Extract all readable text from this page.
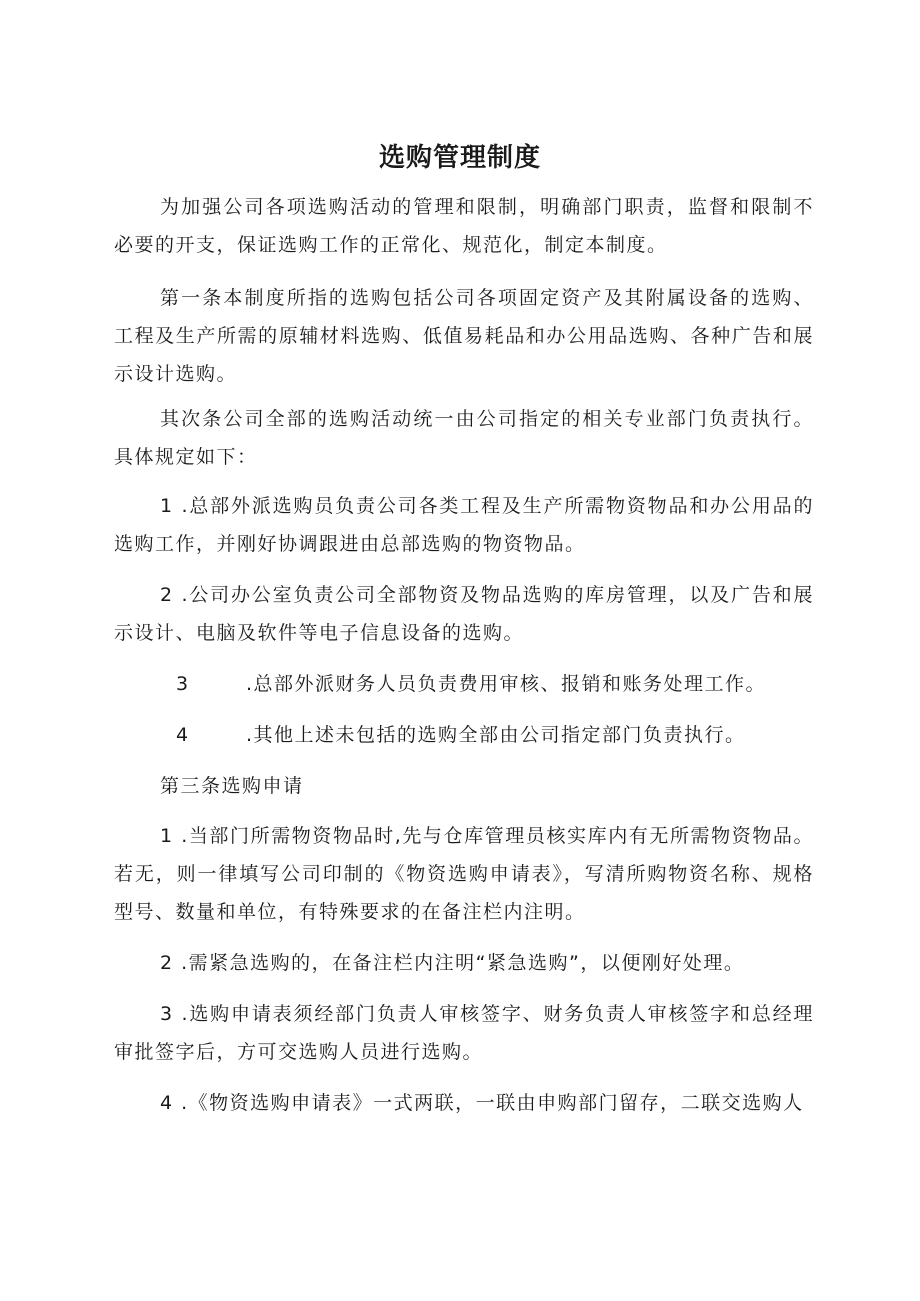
选购管理制度

为加强公司各项选购活动的管理和限制，明确部门职责，监督和限制不必要的开支，保证选购工作的正常化、规范化，制定本制度。

第一条本制度所指的选购包括公司各项固定资产及其附属设备的选购、工程及生产所需的原辅材料选购、低值易耗品和办公用品选购、各种广告和展示设计选购。

其次条公司全部的选购活动统一由公司指定的相关专业部门负责执行。具体规定如下：

1 .总部外派选购员负责公司各类工程及生产所需物资物品和办公用品的选购工作，并刚好协调跟进由总部选购的物资物品。

2 .公司办公室负责公司全部物资及物品选购的库房管理，以及广告和展示设计、电脑及软件等电子信息设备的选购。

3	.总部外派财务人员负责费用审核、报销和账务处理工作。
4	.其他上述未包括的选购全部由公司指定部门负责执行。

第三条选购申请

1 .当部门所需物资物品时,先与仓库管理员核实库内有无所需物资物品。若无，则一律填写公司印制的《物资选购申请表》，写清所购物资名称、规格型号、数量和单位，有特殊要求的在备注栏内注明。

2 .需紧急选购的，在备注栏内注明“紧急选购”，以便刚好处理。

3 .选购申请表须经部门负责人审核签字、财务负责人审核签字和总经理审批签字后，方可交选购人员进行选购。

4 .《物资选购申请表》一式两联，一联由申购部门留存，二联交选购人
